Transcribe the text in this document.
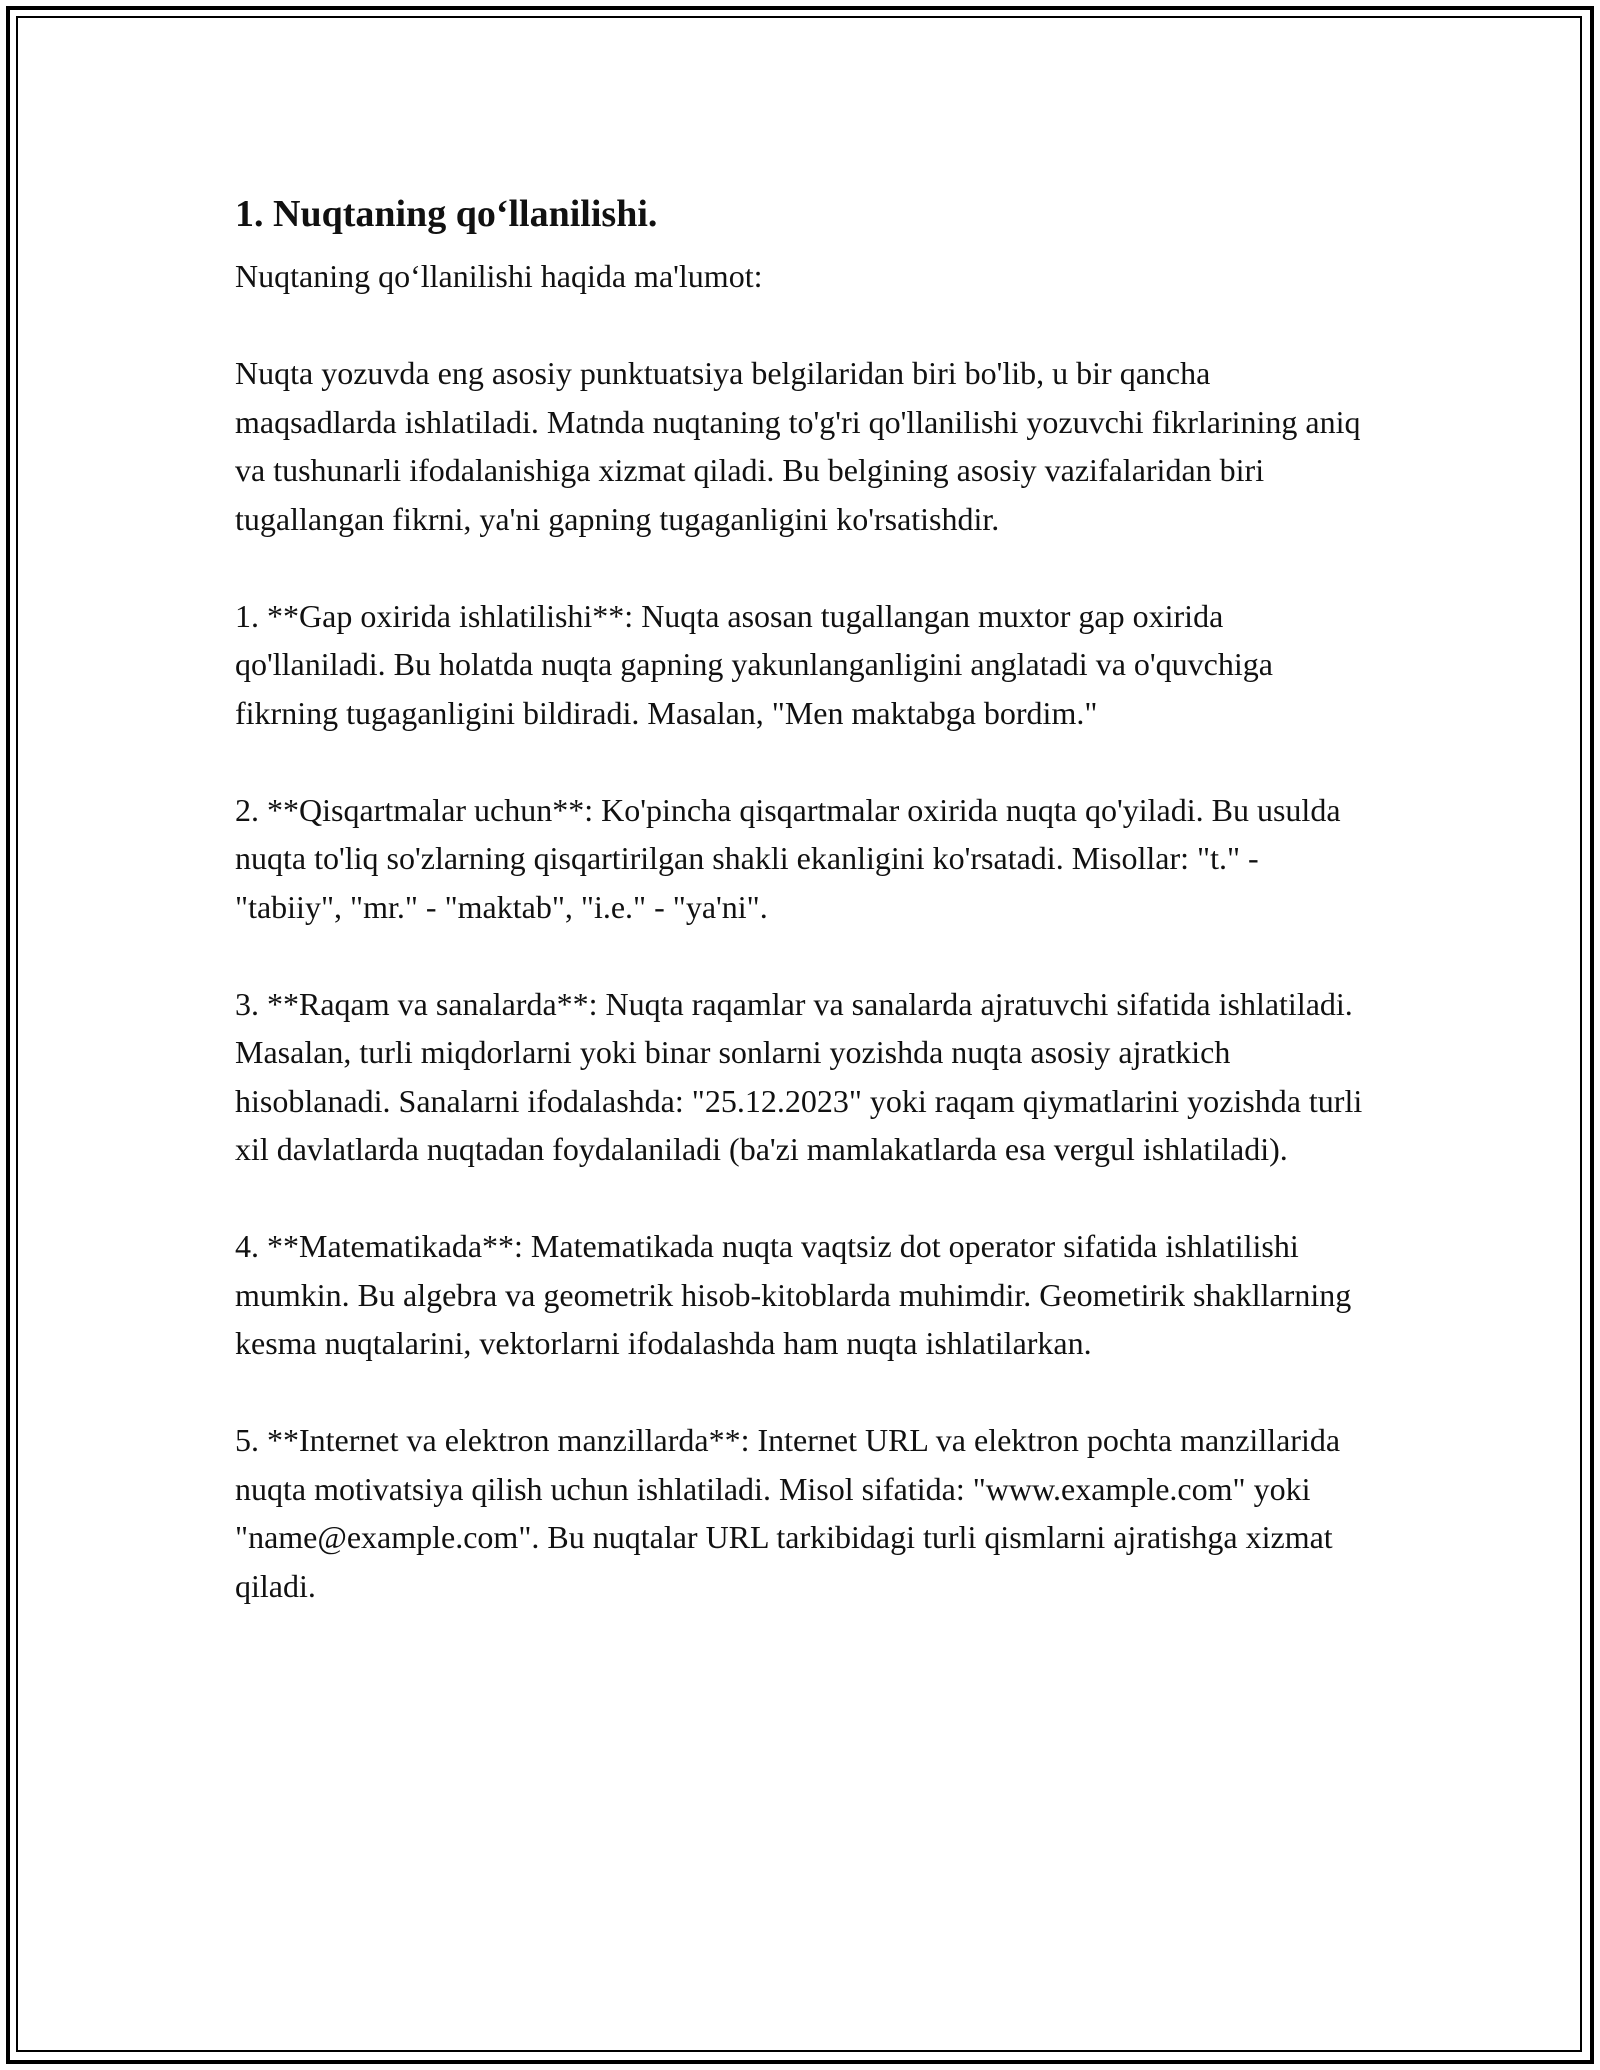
1. Nuqtaning qo‘llanilishi.

Nuqtaning qo‘llanilishi haqida ma'lumot:

Nuqta yozuvda eng asosiy punktuatsiya belgilaridan biri bo'lib, u bir qancha maqsadlarda ishlatiladi. Matnda nuqtaning to'g'ri qo'llanilishi yozuvchi fikrlarining aniq va tushunarli ifodalanishiga xizmat qiladi. Bu belgining asosiy vazifalaridan biri tugallangan fikrni, ya'ni gapning tugaganligini ko'rsatishdir.

1. **Gap oxirida ishlatilishi**: Nuqta asosan tugallangan muxtor gap oxirida qo'llaniladi. Bu holatda nuqta gapning yakunlanganligini anglatadi va o'quvchiga fikrning tugaganligini bildiradi. Masalan, "Men maktabga bordim."

2. **Qisqartmalar uchun**: Ko'pincha qisqartmalar oxirida nuqta qo'yiladi. Bu usulda nuqta to'liq so'zlarning qisqartirilgan shakli ekanligini ko'rsatadi. Misollar: "t." - "tabiiy", "mr." - "maktab", "i.e." - "ya'ni".

3. **Raqam va sanalarda**: Nuqta raqamlar va sanalarda ajratuvchi sifatida ishlatiladi. Masalan, turli miqdorlarni yoki binar sonlarni yozishda nuqta asosiy ajratkich hisoblanadi. Sanalarni ifodalashda: "25.12.2023" yoki raqam qiymatlarini yozishda turli xil davlatlarda nuqtadan foydalaniladi (ba'zi mamlakatlarda esa vergul ishlatiladi).

4. **Matematikada**: Matematikada nuqta vaqtsiz dot operator sifatida ishlatilishi mumkin. Bu algebra va geometrik hisob-kitoblarda muhimdir. Geometirik shakllarning kesma nuqtalarini, vektorlarni ifodalashda ham nuqta ishlatilarkan.

5. **Internet va elektron manzillarda**: Internet URL va elektron pochta manzillarida nuqta motivatsiya qilish uchun ishlatiladi. Misol sifatida: "www.example.com" yoki "name@example.com". Bu nuqtalar URL tarkibidagi turli qismlarni ajratishga xizmat qiladi.
